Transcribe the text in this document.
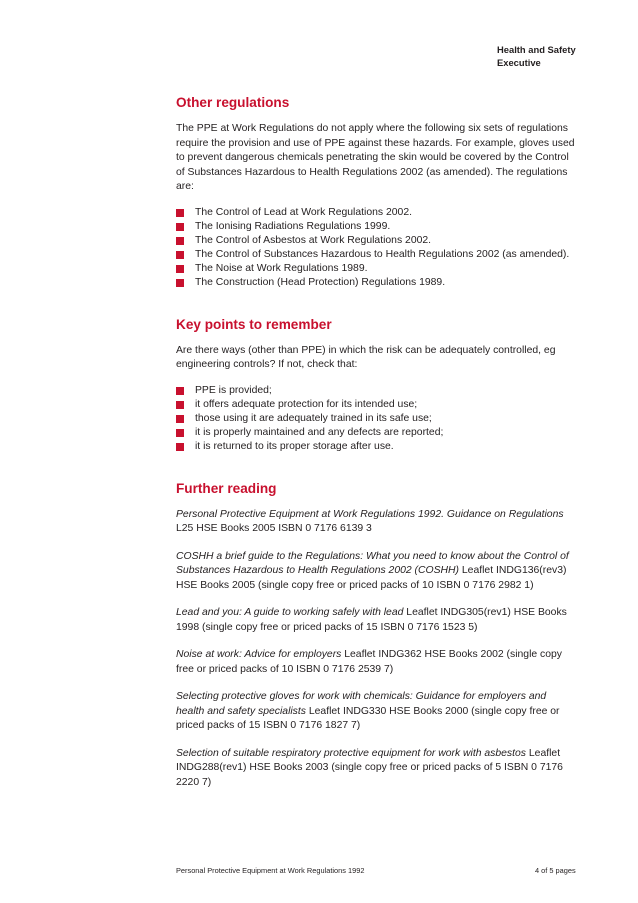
Health and Safety
Executive
Other regulations

The PPE at Work Regulations do not apply where the following six sets of regulations require the provision and use of PPE against these hazards. For example, gloves used to prevent dangerous chemicals penetrating the skin would be covered by the Control of Substances Hazardous to Health Regulations 2002 (as amended). The regulations are:

The Control of Lead at Work Regulations 2002.
The Ionising Radiations Regulations 1999.
The Control of Asbestos at Work Regulations 2002.
The Control of Substances Hazardous to Health Regulations 2002 (as amended).
The Noise at Work Regulations 1989.
The Construction (Head Protection) Regulations 1989.
Key points to remember

Are there ways (other than PPE) in which the risk can be adequately controlled, eg engineering controls? If not, check that:

PPE is provided;
it offers adequate protection for its intended use;
those using it are adequately trained in its safe use;
it is properly maintained and any defects are reported;
it is returned to its proper storage after use.
Further reading

Personal Protective Equipment at Work Regulations 1992. Guidance on Regulations L25 HSE Books 2005 ISBN 0 7176 6139 3

COSHH a brief guide to the Regulations: What you need to know about the Control of Substances Hazardous to Health Regulations 2002 (COSHH) Leaflet INDG136(rev3) HSE Books 2005 (single copy free or priced packs of 10 ISBN 0 7176 2982 1)

Lead and you: A guide to working safely with lead Leaflet INDG305(rev1) HSE Books 1998 (single copy free or priced packs of 15 ISBN 0 7176 1523 5)

Noise at work: Advice for employers Leaflet INDG362 HSE Books 2002 (single copy free or priced packs of 10 ISBN 0 7176 2539 7)

Selecting protective gloves for work with chemicals: Guidance for employers and health and safety specialists Leaflet INDG330 HSE Books 2000 (single copy free or priced packs of 15 ISBN 0 7176 1827 7)

Selection of suitable respiratory protective equipment for work with asbestos Leaflet INDG288(rev1) HSE Books 2003 (single copy free or priced packs of 5 ISBN 0 7176 2220 7)

Personal Protective Equipment at Work Regulations 1992	4 of 5 pages
